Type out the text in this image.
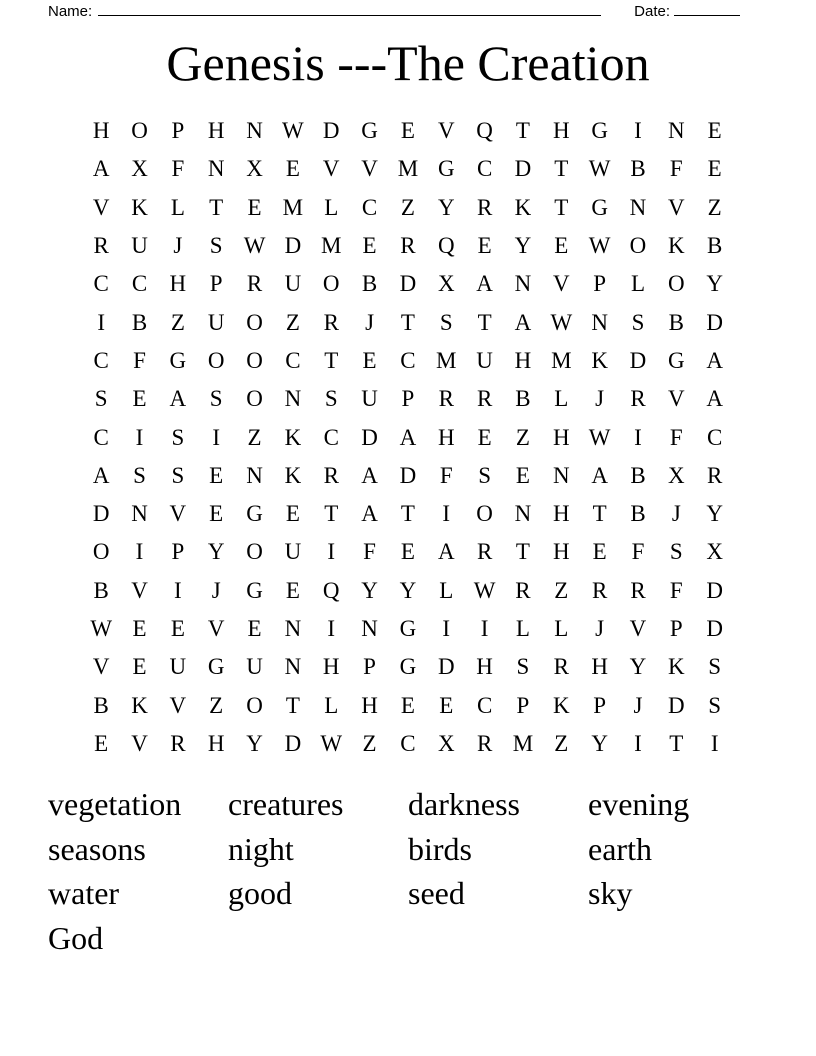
Name:	Date:
Genesis ---The Creation
H O	P	H N W D G	E	V Q	T	H G	I	N	E
A X	F	N X	E	V V M G C D	T W B	F	E
V K	L	T	E M L	C	Z	Y R K	T	G N V	Z
R U	J	S W D M E	R Q	E	Y	E W O K B
C	C H	P	R U O B D X A N V	P	L	O Y
I	B	Z	U O	Z	R	J	T	S	T	A W N	S	B D
C	F	G O O C	T	E	C M U H M K D G A
S	E	A	S	O N	S	U	P	R	R	B	L	J	R V A
C	I	S	I	Z	K C D A H	E	Z	H W	I	F	C
A	S	S	E	N K R A D	F	S	E	N A B X R
D N V	E	G	E	T	A	T	I	O N H	T	B	J	Y
O	I	P	Y O U	I	F	E	A R	T	H	E	F	S	X
B V	I	J	G	E	Q Y Y	L W R	Z	R	R	F	D
W E	E	V	E	N	I	N G	I	I	L	L	J	V	P	D
V	E	U G U N H	P	G D H	S	R H Y K	S
B K V	Z	O	T	L	H	E	E	C	P	K	P	J	D	S
E	V R H Y D W Z	C X R M Z	Y	I	T	I
vegetation	creatures	darkness	evening
seasons	night	birds	earth
water	good	seed	sky
God
